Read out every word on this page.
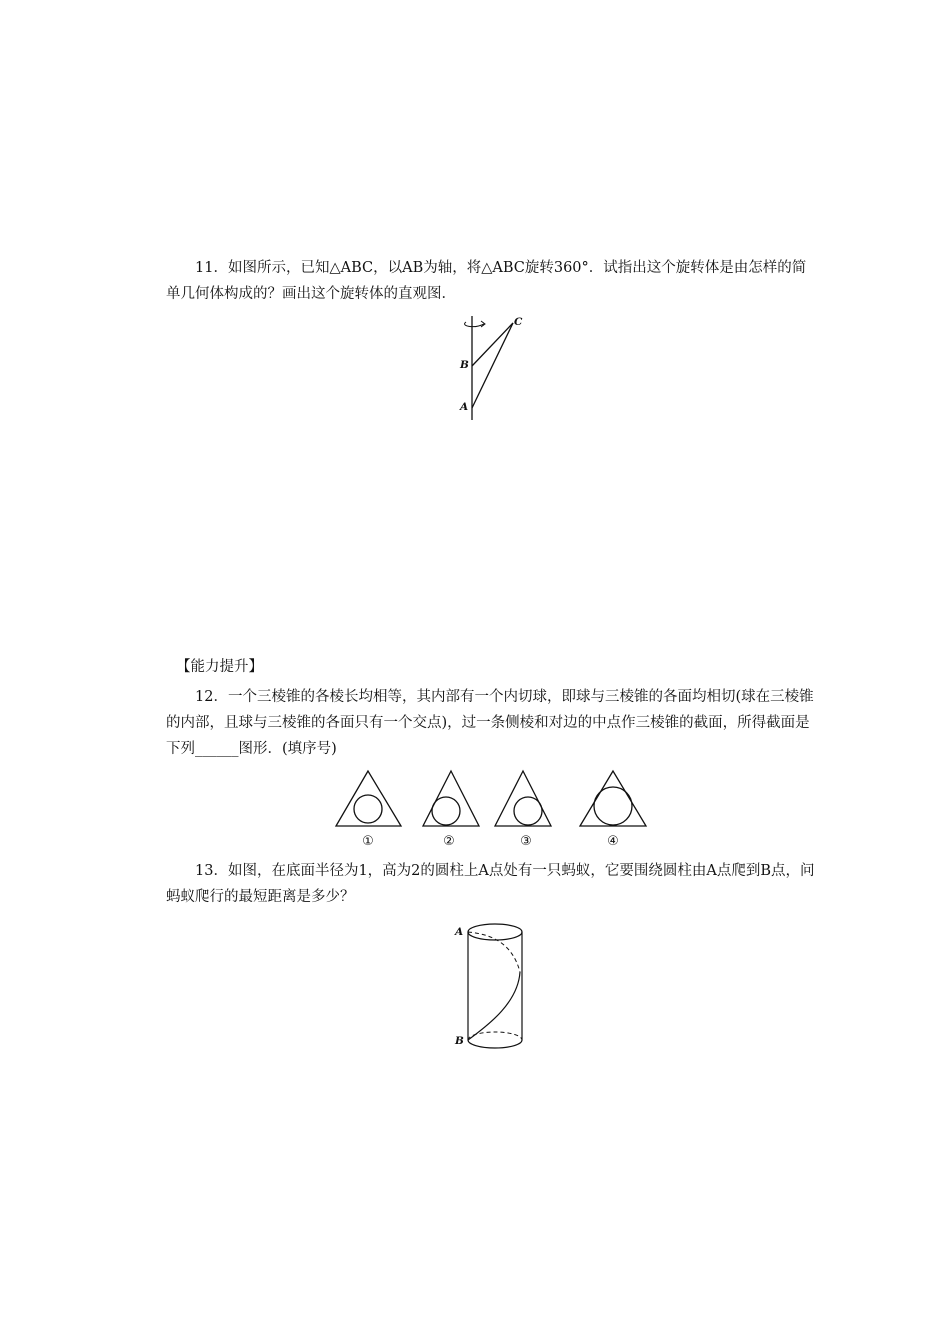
11．如图所示，已知△ABC，以AB为轴，将△ABC旋转360°．试指出这个旋转体是由怎样的简单几何体构成的？画出这个旋转体的直观图．

C
B
A
【能力提升】

12．一个三棱锥的各棱长均相等，其内部有一个内切球，即球与三棱锥的各面均相切(球在三棱锥的内部，且球与三棱锥的各面只有一个交点)，过一条侧棱和对边的中点作三棱锥的截面，所得截面是下列______图形．(填序号)

①	②	③	④

13．如图，在底面半径为1，高为2的圆柱上A点处有一只蚂蚁，它要围绕圆柱由A点爬到B点，问蚂蚁爬行的最短距离是多少？

A
B
